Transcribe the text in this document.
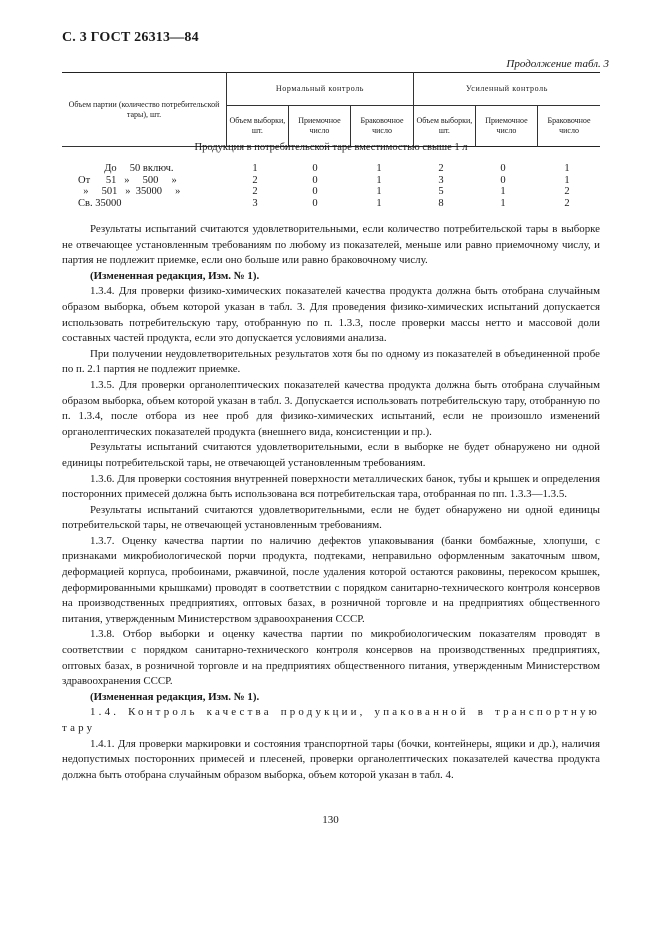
С. 3 ГОСТ 26313—84
Продолжение табл. 3
Объем партии (количество потребительской тары), шт.	Нормальный контроль			Усиленный контроль		
	Объем выборки, шт.	Приемочное число	Браковочное число	Объем выборки, шт.	Приемочное число	Браковочное число
Продукция в потребительской таре вместимостью свыше 1 л
До     50 включ.	1	0	1	2	0	1
От      51   »     500     »	2	0	1	3	0	1
»     501   »  35000     »	2	0	1	5	1	2
Св. 35000	3	0	1	8	1	2

Результаты испытаний считаются удовлетворительными, если количество потребительской тары в выборке не отвечающее установленным требованиям по любому из показателей, меньше или равно приемочному числу, и партия не подлежит приемке, если оно больше или равно браковочному числу.

(Измененная редакция, Изм. № 1).

1.3.4. Для проверки физико-химических показателей качества продукта должна быть отобрана случайным образом выборка, объем которой указан в табл. 3. Для проведения физико-химических испытаний допускается использовать потребительскую тару, отобранную по п. 1.3.3, после проверки массы нетто и массовой доли составных частей продукта, если это допускается условиями анализа.

При получении неудовлетворительных результатов хотя бы по одному из показателей в объединенной пробе по п. 2.1 партия не подлежит приемке.

1.3.5. Для проверки органолептических показателей качества продукта должна быть отобрана случайным образом выборка, объем которой указан в табл. 3. Допускается использовать потребительскую тару, отобранную по п. 1.3.4, после отбора из нее проб для физико-химических испытаний, если не произошло изменений органолептических показателей продукта (внешнего вида, консистенции и пр.).

Результаты испытаний считаются удовлетворительными, если в выборке не будет обнаружено ни одной единицы потребительской тары, не отвечающей установленным требованиям.

1.3.6. Для проверки состояния внутренней поверхности металлических банок, тубы и крышек и определения посторонних примесей должна быть использована вся потребительская тара, отобранная по пп. 1.3.3—1.3.5.

Результаты испытаний считаются удовлетворительными, если не будет обнаружено ни одной единицы потребительской тары, не отвечающей установленным требованиям.

1.3.7. Оценку качества партии по наличию дефектов упаковывания (банки бомбажные, хлопуши, с признаками микробиологической порчи продукта, подтеками, неправильно оформленным закаточным швом, деформацией корпуса, пробоинами, ржавчиной, после удаления которой остаются раковины, перекосом крышек, деформированными крышками) проводят в соответствии с порядком санитарно-технического контроля консервов на производственных предприятиях, оптовых базах, в розничной торговле и на предприятиях общественного питания, утвержденным Министерством здравоохранения СССР.

1.3.8. Отбор выборки и оценку качества партии по микробиологическим показателям проводят в соответствии с порядком санитарно-технического контроля консервов на производственных предприятиях, оптовых базах, в розничной торговле и на предприятиях общественного питания, утвержденным Министерством здравоохранения СССР.

(Измененная редакция, Изм. № 1).

1.4. Контроль качества продукции, упакованной в транспортную тару

1.4.1. Для проверки маркировки и состояния транспортной тары (бочки, контейнеры, ящики и др.), наличия недопустимых посторонних примесей и плесеней, проверки органолептических показателей качества продукта должна быть отобрана случайным образом выборка, объем которой указан в табл. 4.

130
